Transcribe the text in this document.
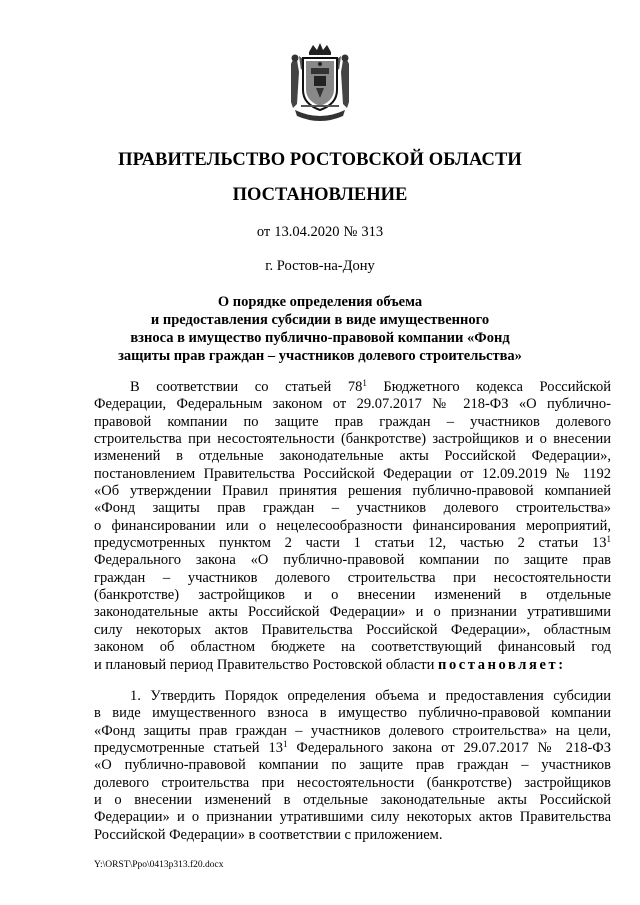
ПРАВИТЕЛЬСТВО РОСТОВСКОЙ ОБЛАСТИ
ПОСТАНОВЛЕНИЕ
от 13.04.2020 № 313
г. Ростов-на-Дону
О порядке определения объема
и предоставления субсидии в виде имущественного
взноса в имущество публично-правовой компании «Фонд
защиты прав граждан – участников долевого строительства»
В соответствии со статьей $78^1$ Бюджетного кодекса Российской
Федерации, Федеральным законом от 29.07.2017 № 218-ФЗ «О публично-
правовой компании по защите прав граждан – участников долевого
строительства при несостоятельности (банкротстве) застройщиков и о внесении
изменений в отдельные законодательные акты Российской Федерации»,
постановлением Правительства Российской Федерации от 12.09.2019 № 1192
«Об утверждении Правил принятия решения публично-правовой компанией
«Фонд защиты прав граждан – участников долевого строительства»
о финансировании или о нецелесообразности финансирования мероприятий,
предусмотренных пунктом 2 части 1 статьи 12, частью 2 статьи $13^1$
Федерального закона «О публично-правовой компании по защите прав
граждан – участников долевого строительства при несостоятельности
(банкротстве) застройщиков и о внесении изменений в отдельные
законодательные акты Российской Федерации» и о признании утратившими
силу некоторых актов Правительства Российской Федерации», областным
законом об областном бюджете на соответствующий финансовый год
и плановый период Правительство Ростовской области постановляет:
1. Утвердить Порядок определения объема и предоставления субсидии
в виде имущественного взноса в имущество публично-правовой компании
«Фонд защиты прав граждан – участников долевого строительства» на цели,
предусмотренные статьей $13^1$ Федерального закона от 29.07.2017 № 218-ФЗ
«О публично-правовой компании по защите прав граждан – участников
долевого строительства при несостоятельности (банкротстве) застройщиков
и о внесении изменений в отдельные законодательные акты Российской
Федерации» и о признании утратившими силу некоторых актов Правительства
Российской Федерации» в соответствии с приложением.
Y:\ORST\Ppo\0413p313.f20.docx
